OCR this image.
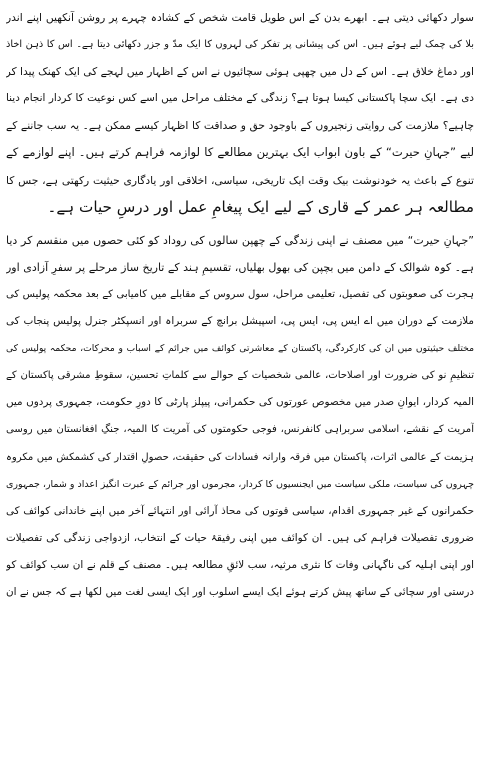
سوار دکھائی دیتی ہے۔ ابھرے بدن کے اس طویل قامت شخص کے کشادہ چہرے پر روشن آنکھیں اپنے اندر
بلا کی چمک لیے ہوئے ہیں۔ اس کی پیشانی پر تفکر کی لہروں کا ایک مدّ و جزر دکھائی دیتا ہے۔ اس کا ذہن اخاذ
اور دماغ خلاق ہے۔ اس کے دل میں چھپی ہوئی سچائیوں نے اس کے اظہار میں لہجے کی ایک کھنک پیدا کر
دی ہے۔ ایک سچا پاکستانی کیسا ہوتا ہے؟ زندگی کے مختلف مراحل میں اسے کس نوعیت کا کردار انجام دینا
چاہیے؟ ملازمت کی روایتی زنجیروں کے باوجود حق و صداقت کا اظہار کیسے ممکن ہے۔ یہ سب جاننے کے
لیے ”جہانِ حیرت“ کے باون ابواب ایک بہترین مطالعے کا لوازمہ فراہم کرتے ہیں۔ اپنے لوازمے کے
تنوع کے باعث یہ خودنوشت بیک وقت ایک تاریخی، سیاسی، اخلاقی اور یادگاری حیثیت رکھتی ہے، جس کا
مطالعہ ہر عمر کے قاری کے لیے ایک پیغامِ عمل اور درسِ حیات ہے۔
”جہانِ حیرت“ میں مصنف نے اپنی زندگی کے چھپن سالوں کی روداد کو کئی حصوں میں منقسم کر دیا
ہے۔ کوہ شوالک کے دامن میں بچپن کی بھول بھلیاں، تقسیمِ ہند کے تاریخ ساز مرحلے پر سفرِ آزادی اور
ہجرت کی صعوبتوں کی تفصیل، تعلیمی مراحل، سول سروس کے مقابلے میں کامیابی کے بعد محکمہ پولیس کی
ملازمت کے دوران میں اے ایس پی، ایس پی، اسپیشل برانچ کے سربراہ اور انسپکٹر جنرل پولیس پنجاب کی
مختلف حیثیتوں میں ان کی کارکردگی، پاکستان کے معاشرتی کوائف میں جرائم کے اسباب و محرکات، محکمہ پولیس کی
تنظیمِ نو کی ضرورت اور اصلاحات، عالمی شخصیات کے حوالے سے کلماتِ تحسین، سقوطِ مشرقی پاکستان کے
المیہ کردار، ایوانِ صدر میں مخصوص عورتوں کی حکمرانی، پیپلز پارٹی کا دورِ حکومت، جمہوری پردوں میں
آمریت کے نقشے، اسلامی سربراہی کانفرنس، فوجی حکومتوں کی آمریت کا المیہ، جنگِ افغانستان میں روسی
ہزیمت کے عالمی اثرات، پاکستان میں فرقہ وارانہ فسادات کی حقیقت، حصولِ اقتدار کی کشمکش میں مکروہ
چہروں کی سیاست، ملکی سیاست میں ایجنسیوں کا کردار، مجرموں اور جرائم کے عبرت انگیز اعداد و شمار، جمہوری
حکمرانوں کے غیر جمہوری اقدام، سیاسی قوتوں کی محاذ آرائی اور انتہائے آخر میں اپنے خاندانی کوائف کی
ضروری تفصیلات فراہم کی ہیں۔ ان کوائف میں اپنی رفیقۂ حیات کے انتخاب، ازدواجی زندگی کی تفصیلات
اور اپنی اہلیہ کی ناگہانی وفات کا نثری مرثیہ، سب لائقِ مطالعہ ہیں۔ مصنف کے قلم نے ان سب کوائف کو
درستی اور سچائی کے ساتھ پیش کرتے ہوئے ایک ایسے اسلوب اور ایک ایسی لغت میں لکھا ہے کہ جس نے ان
